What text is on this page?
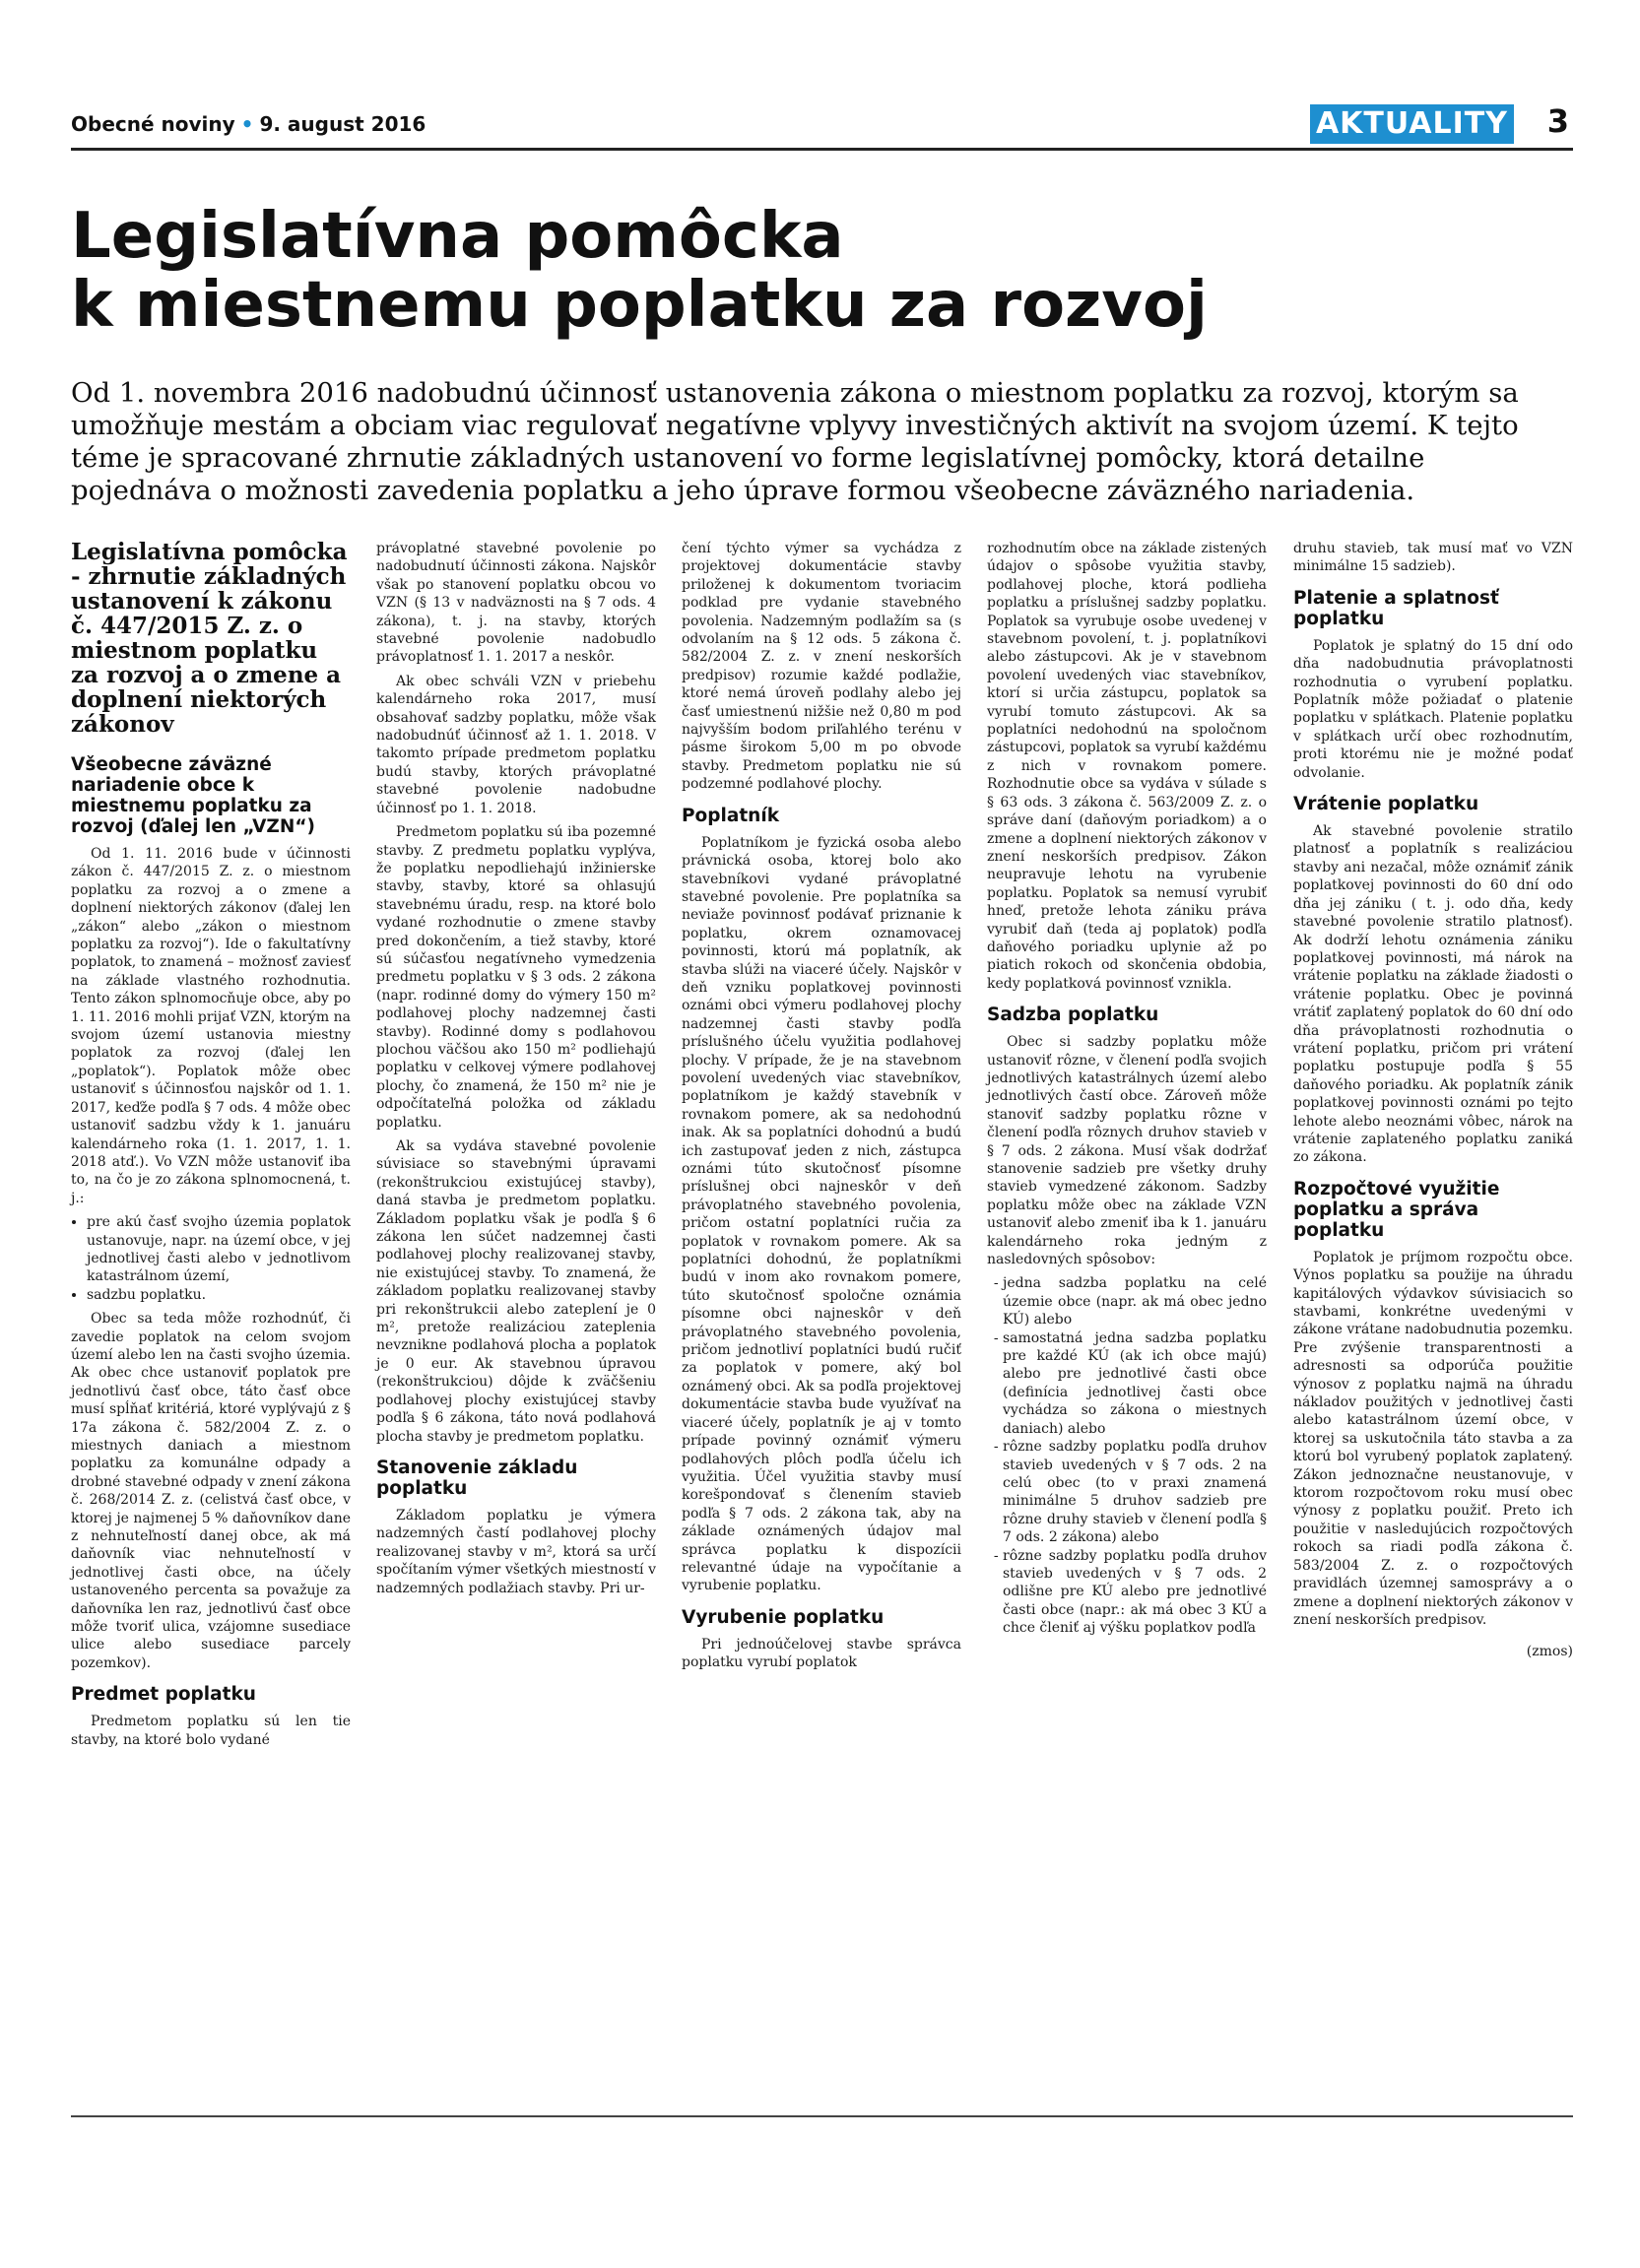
Obecné noviny • 9. august 2016	AKTUALITY 3
Legislatívna pomôcka
k miestnemu poplatku za rozvoj

Od 1. novembra 2016 nadobudnú účinnosť ustanovenia zákona o miestnom poplatku za rozvoj, ktorým sa umožňuje mestám a obciam viac regulovať negatívne vplyvy investičných aktivít na svojom území. K tejto téme je spracované zhrnutie základných ustanovení vo forme legislatívnej pomôcky, ktorá detailne pojednáva o možnosti zavedenia poplatku a jeho úprave formou všeobecne záväzného nariadenia.

Legislatívna pomôcka - zhrnutie základných ustanovení k zákonu č. 447/2015 Z. z. o miestnom poplatku za rozvoj a o zmene a doplnení niektorých zákonov
Všeobecne záväzné nariadenie obce k miestnemu poplatku za rozvoj (ďalej len „VZN“)

Od 1. 11. 2016 bude v účinnosti zákon č. 447/2015 Z. z. o miestnom poplatku za rozvoj a o zmene a doplnení niektorých zákonov (ďalej len „zákon“ alebo „zákon o miestnom poplatku za rozvoj“). Ide o fakultatívny poplatok, to znamená – možnosť zaviesť na základe vlastného rozhodnutia. Tento zákon splnomocňuje obce, aby po 1. 11. 2016 mohli prijať VZN, ktorým na svojom území ustanovia miestny poplatok za rozvoj (ďalej len „poplatok“). Poplatok môže obec ustanoviť s účinnosťou najskôr od 1. 1. 2017, keďže podľa § 7 ods. 4 môže obec ustanoviť sadzbu vždy k 1. januáru kalendárneho roka (1. 1. 2017, 1. 1. 2018 atď.). Vo VZN môže ustanoviť iba to, na čo je zo zákona splnomocnená, t. j.:

• pre akú časť svojho územia poplatok ustanovuje, napr. na území obce, v jej jednotlivej časti alebo v jednotlivom katastrálnom území,
• sadzbu poplatku.

Obec sa teda môže rozhodnúť, či zavedie poplatok na celom svojom území alebo len na časti svojho územia. Ak obec chce ustanoviť poplatok pre jednotlivú časť obce, táto časť obce musí spĺňať kritériá, ktoré vyplývajú z § 17a zákona č. 582/2004 Z. z. o miestnych daniach a miestnom poplatku za komunálne odpady a drobné stavebné odpady v znení zákona č. 268/2014 Z. z. (celistvá časť obce, v ktorej je najmenej 5 % daňovníkov dane z nehnuteľností danej obce, ak má daňovník viac nehnuteľností v jednotlivej časti obce, na účely ustanoveného percenta sa považuje za daňovníka len raz, jednotlivú časť obce môže tvoriť ulica, vzájomne susediace ulice alebo susediace parcely pozemkov).

Predmet poplatku

Predmetom poplatku sú len tie stavby, na ktoré bolo vydané

právoplatné stavebné povolenie po nadobudnutí účinnosti zákona. Najskôr však po stanovení poplatku obcou vo VZN (§ 13 v nadväznosti na § 7 ods. 4 zákona), t. j. na stavby, ktorých stavebné povolenie nadobudlo právoplatnosť 1. 1. 2017 a neskôr.

Ak obec schváli VZN v priebehu kalendárneho roka 2017, musí obsahovať sadzby poplatku, môže však nadobudnúť účinnosť až 1. 1. 2018. V takomto prípade predmetom poplatku budú stavby, ktorých právoplatné stavebné povolenie nadobudne účinnosť po 1. 1. 2018.

Predmetom poplatku sú iba pozemné stavby. Z predmetu poplatku vyplýva, že poplatku nepodliehajú inžinierske stavby, stavby, ktoré sa ohlasujú stavebnému úradu, resp. na ktoré bolo vydané rozhodnutie o zmene stavby pred dokončením, a tiež stavby, ktoré sú súčasťou negatívneho vymedzenia predmetu poplatku v § 3 ods. 2 zákona (napr. rodinné domy do výmery 150 m² podlahovej plochy nadzemnej časti stavby). Rodinné domy s podlahovou plochou väčšou ako 150 m² podliehajú poplatku v celkovej výmere podlahovej plochy, čo znamená, že 150 m² nie je odpočítateľná položka od základu poplatku.

Ak sa vydáva stavebné povolenie súvisiace so stavebnými úpravami (rekonštrukciou existujúcej stavby), daná stavba je predmetom poplatku. Základom poplatku však je podľa § 6 zákona len súčet nadzemnej časti podlahovej plochy realizovanej stavby, nie existujúcej stavby. To znamená, že základom poplatku realizovanej stavby pri rekonštrukcii alebo zateplení je 0 m², pretože realizáciou zateplenia nevznikne podlahová plocha a poplatok je 0 eur. Ak stavebnou úpravou (rekonštrukciou) dôjde k zväčšeniu podlahovej plochy existujúcej stavby podľa § 6 zákona, táto nová podlahová plocha stavby je predmetom poplatku.

Stanovenie základu poplatku

Základom poplatku je výmera nadzemných častí podlahovej plochy realizovanej stavby v m², ktorá sa určí spočítaním výmer všetkých miestností v nadzemných podlažiach stavby. Pri ur-

čení týchto výmer sa vychádza z projektovej dokumentácie stavby priloženej k dokumentom tvoriacim podklad pre vydanie stavebného povolenia. Nadzemným podlažím sa (s odvolaním na § 12 ods. 5 zákona č. 582/2004 Z. z. v znení neskorších predpisov) rozumie každé podlažie, ktoré nemá úroveň podlahy alebo jej časť umiestnenú nižšie než 0,80 m pod najvyšším bodom priľahlého terénu v pásme širokom 5,00 m po obvode stavby. Predmetom poplatku nie sú podzemné podlahové plochy.

Poplatník

Poplatníkom je fyzická osoba alebo právnická osoba, ktorej bolo ako stavebníkovi vydané právoplatné stavebné povolenie. Pre poplatníka sa neviaže povinnosť podávať priznanie k poplatku, okrem oznamovacej povinnosti, ktorú má poplatník, ak stavba slúži na viaceré účely. Najskôr v deň vzniku poplatkovej povinnosti oznámi obci výmeru podlahovej plochy nadzemnej časti stavby podľa príslušného účelu využitia podlahovej plochy. V prípade, že je na stavebnom povolení uvedených viac stavebníkov, poplatníkom je každý stavebník v rovnakom pomere, ak sa nedohodnú inak. Ak sa poplatníci dohodnú a budú ich zastupovať jeden z nich, zástupca oznámi túto skutočnosť písomne príslušnej obci najneskôr v deň právoplatného stavebného povolenia, pričom ostatní poplatníci ručia za poplatok v rovnakom pomere. Ak sa poplatníci dohodnú, že poplatníkmi budú v inom ako rovnakom pomere, túto skutočnosť spoločne oznámia písomne obci najneskôr v deň právoplatného stavebného povolenia, pričom jednotliví poplatníci budú ručiť za poplatok v pomere, aký bol oznámený obci. Ak sa podľa projektovej dokumentácie stavba bude využívať na viaceré účely, poplatník je aj v tomto prípade povinný oznámiť výmeru podlahových plôch podľa účelu ich využitia. Účel využitia stavby musí korešpondovať s členením stavieb podľa § 7 ods. 2 zákona tak, aby na základe oznámených údajov mal správca poplatku k dispozícii relevantné údaje na vypočítanie a vyrubenie poplatku.

Vyrubenie poplatku

Pri jednoúčelovej stavbe správca poplatku vyrubí poplatok

rozhodnutím obce na základe zistených údajov o spôsobe využitia stavby, podlahovej ploche, ktorá podlieha poplatku a príslušnej sadzby poplatku. Poplatok sa vyrubuje osobe uvedenej v stavebnom povolení, t. j. poplatníkovi alebo zástupcovi. Ak je v stavebnom povolení uvedených viac stavebníkov, ktorí si určia zástupcu, poplatok sa vyrubí tomuto zástupcovi. Ak sa poplatníci nedohodnú na spoločnom zástupcovi, poplatok sa vyrubí každému z nich v rovnakom pomere. Rozhodnutie obce sa vydáva v súlade s § 63 ods. 3 zákona č. 563/2009 Z. z. o správe daní (daňovým poriadkom) a o zmene a doplnení niektorých zákonov v znení neskorších predpisov. Zákon neupravuje lehotu na vyrubenie poplatku. Poplatok sa nemusí vyrubiť hneď, pretože lehota zániku práva vyrubiť daň (teda aj poplatok) podľa daňového poriadku uplynie až po piatich rokoch od skončenia obdobia, kedy poplatková povinnosť vznikla.

Sadzba poplatku

Obec si sadzby poplatku môže ustanoviť rôzne, v členení podľa svojich jednotlivých katastrálnych území alebo jednotlivých častí obce. Zároveň môže stanoviť sadzby poplatku rôzne v členení podľa rôznych druhov stavieb v § 7 ods. 2 zákona. Musí však dodržať stanovenie sadzieb pre všetky druhy stavieb vymedzené zákonom. Sadzby poplatku môže obec na základe VZN ustanoviť alebo zmeniť iba k 1. januáru kalendárneho roka jedným z nasledovných spôsobov:

- jedna sadzba poplatku na celé územie obce (napr. ak má obec jedno KÚ) alebo
- samostatná jedna sadzba poplatku pre každé KÚ (ak ich obce majú) alebo pre jednotlivé časti obce (definícia jednotlivej časti obce vychádza so zákona o miestnych daniach) alebo
- rôzne sadzby poplatku podľa druhov stavieb uvedených v § 7 ods. 2 na celú obec (to v praxi znamená minimálne 5 druhov sadzieb pre rôzne druhy stavieb v členení podľa § 7 ods. 2 zákona) alebo
- rôzne sadzby poplatku podľa druhov stavieb uvedených v § 7 ods. 2 odlišne pre KÚ alebo pre jednotlivé časti obce (napr.: ak má obec 3 KÚ a chce členiť aj výšku poplatkov podľa

druhu stavieb, tak musí mať vo VZN minimálne 15 sadzieb).

Platenie a splatnosť poplatku

Poplatok je splatný do 15 dní odo dňa nadobudnutia právoplatnosti rozhodnutia o vyrubení poplatku. Poplatník môže požiadať o platenie poplatku v splátkach. Platenie poplatku v splátkach určí obec rozhodnutím, proti ktorému nie je možné podať odvolanie.

Vrátenie poplatku

Ak stavebné povolenie stratilo platnosť a poplatník s realizáciou stavby ani nezačal, môže oznámiť zánik poplatkovej povinnosti do 60 dní odo dňa jej zániku ( t. j. odo dňa, kedy stavebné povolenie stratilo platnosť). Ak dodrží lehotu oznámenia zániku poplatkovej povinnosti, má nárok na vrátenie poplatku na základe žiadosti o vrátenie poplatku. Obec je povinná vrátiť zaplatený poplatok do 60 dní odo dňa právoplatnosti rozhodnutia o vrátení poplatku, pričom pri vrátení poplatku postupuje podľa § 55 daňového poriadku. Ak poplatník zánik poplatkovej povinnosti oznámi po tejto lehote alebo neoznámi vôbec, nárok na vrátenie zaplateného poplatku zaniká zo zákona.

Rozpočtové využitie poplatku a správa poplatku

Poplatok je príjmom rozpočtu obce. Výnos poplatku sa použije na úhradu kapitálových výdavkov súvisiacich so stavbami, konkrétne uvedenými v zákone vrátane nadobudnutia pozemku. Pre zvýšenie transparentnosti a adresnosti sa odporúča použitie výnosov z poplatku najmä na úhradu nákladov použitých v jednotlivej časti alebo katastrálnom území obce, v ktorej sa uskutočnila táto stavba a za ktorú bol vyrubený poplatok zaplatený. Zákon jednoznačne neustanovuje, v ktorom rozpočtovom roku musí obec výnosy z poplatku použiť. Preto ich použitie v nasledujúcich rozpočtových rokoch sa riadi podľa zákona č. 583/2004 Z. z. o rozpočtových pravidlách územnej samosprávy a o zmene a doplnení niektorých zákonov v znení neskorších predpisov.

(zmos)
